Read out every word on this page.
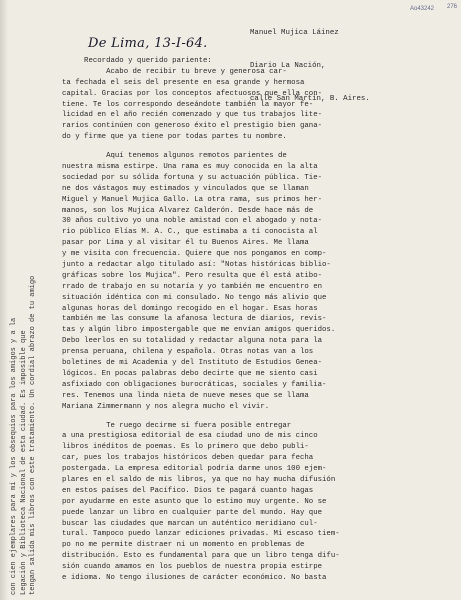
Manuel Mujica Láinez

Diario La Nación,

calle San Martín, B. Aires.

Ao43242 276
De Lima, 13-I-64.
Recordado y querido pariente:
Acabo de recibir tu breve y generosa car-
ta fechada el seis del presente en esa grande y hermosa
capital. Gracias por los conceptos afectuosos que ella con-
tiene. Te los correspondo deseándote también la mayor fe-
licidad en el año recién comenzado y que tus trabajos lite-
rarios continúen con generoso éxito el prestigio bien gana-
do y firme que ya tiene por todas partes tu nombre.
Aquí tenemos algunos remotos parientes de
nuestra misma estirpe. Una rama es muy conocida en la alta
sociedad por su sólida fortuna y su actuación pública. Tie-
ne dos vástagos muy estimados y vinculados que se llaman
Miguel y Manuel Mujica Gallo. La otra rama, sus primos her-
manos, son los Mujica Alvarez Calderón. Desde hace más de
30 años cultivo yo una noble amistad con el abogado y nota-
rio público Elías M. A. C., que estimaba a tí conocista al
pasar por Lima y al visitar él tu Buenos Aires. Me llama
y me visita con frecuencia. Quiere que nos pongamos en comp-
junto a redactar algo titulado así: "Notas históricas biblio-
gráficas sobre los Mujica". Pero resulta que él está atibo-
rrado de trabajo en su notaría y yo también me encuentro en
situación idéntica con mi consulado. No tengo más alivio que
algunas horas del domingo recogido en el hogar. Esas horas
también me las consume la afanosa lectura de diarios, revis-
tas y algún libro impostergable que me envían amigos queridos.
Debo leerlos en su totalidad y redactar alguna nota para la
prensa peruana, chilena y española. Otras notas van a los
boletines de mi Academia y del Instituto de Estudios Genea-
lógicos. En pocas palabras debo decirte que me siento casi
asfixiado con obligaciones burocráticas, sociales y familia-
res. Tenemos una linda nieta de nueve meses que se llama
Mariana Zimmermann y nos alegra mucho el vivir.
Te ruego decirme si fuera posible entregar
a una prestigiosa editorial de esa ciudad uno de mis cinco
libros inéditos de poemas. Es lo primero que debo publi-
car, pues los trabajos históricos deben quedar para fecha
postergada. La empresa editorial podría darme unos 100 ejem-
plares en el saldo de mis libros, ya que no hay mucha difusión
en estos países del Pacífico. Dios te pagará cuanto hagas
por ayudarme en este asunto que lo estimo muy urgente. No se
puede lanzar un libro en cualquier parte del mundo. Hay que
buscar las ciudades que marcan un auténtico meridiano cul-
tural. Tampoco puedo lanzar ediciones privadas. Mi escaso tiem-
po no me permite distraer ni un momento en problemas de
distribución. Esto es fundamental para que un libro tenga difu-
sión cuando amamos en los pueblos de nuestra propia estirpe
e idioma. No tengo ilusiones de carácter económico. No basta
con cien ejemplares para mí y los obsequios para los amigos y a la Legación y Biblioteca Nacional de esta ciudad. Es imposible que tengan salida mis libros con este tratamiento. Un cordial abrazo de tu amigo
